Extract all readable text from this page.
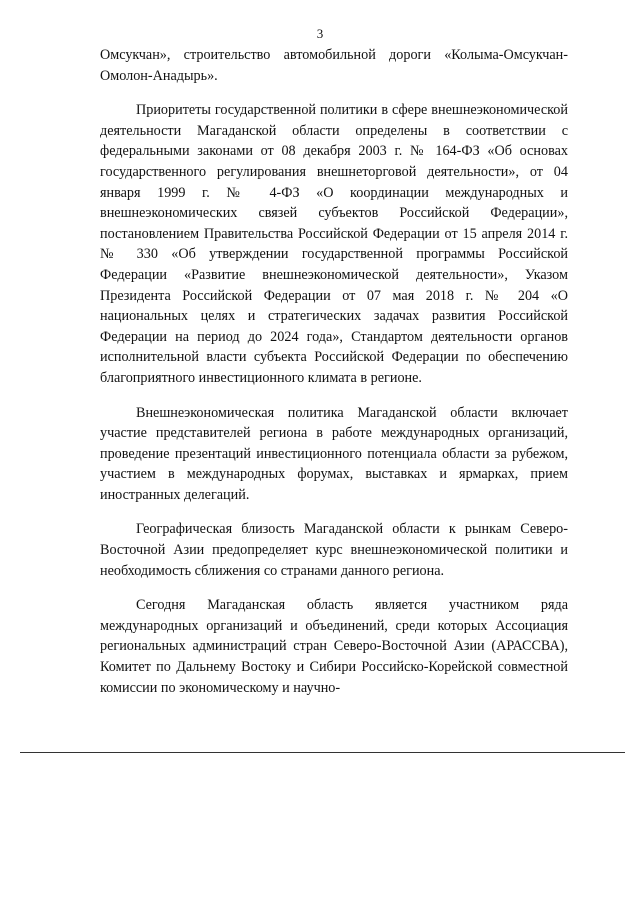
3

Омсукчан», строительство автомобильной дороги «Колыма-Омсукчан-Омолон-Анадырь».

Приоритеты государственной политики в сфере внешнеэкономической деятельности Магаданской области определены в соответствии с федеральными законами от 08 декабря 2003 г. № 164-ФЗ «Об основах государственного регулирования внешнеторговой деятельности», от 04 января 1999 г. № 4-ФЗ «О координации международных и внешнеэкономических связей субъектов Российской Федерации», постановлением Правительства Российской Федерации от 15 апреля 2014 г. № 330 «Об утверждении государственной программы Российской Федерации «Развитие внешнеэкономической деятельности», Указом Президента Российской Федерации от 07 мая 2018 г. № 204 «О национальных целях и стратегических задачах развития Российской Федерации на период до 2024 года», Стандартом деятельности органов исполнительной власти субъекта Российской Федерации по обеспечению благоприятного инвестиционного климата в регионе.

Внешнеэкономическая политика Магаданской области включает участие представителей региона в работе международных организаций, проведение презентаций инвестиционного потенциала области за рубежом, участием в международных форумах, выставках и ярмарках, прием иностранных делегаций.

Географическая близость Магаданской области к рынкам Северо-Восточной Азии предопределяет курс внешнеэкономической политики и необходимость сближения со странами данного региона.

Сегодня Магаданская область является участником ряда международных организаций и объединений, среди которых Ассоциация региональных администраций стран Северо-Восточной Азии (АРАССВА), Комитет по Дальнему Востоку и Сибири Российско-Корейской совместной комиссии по экономическому и научно-
